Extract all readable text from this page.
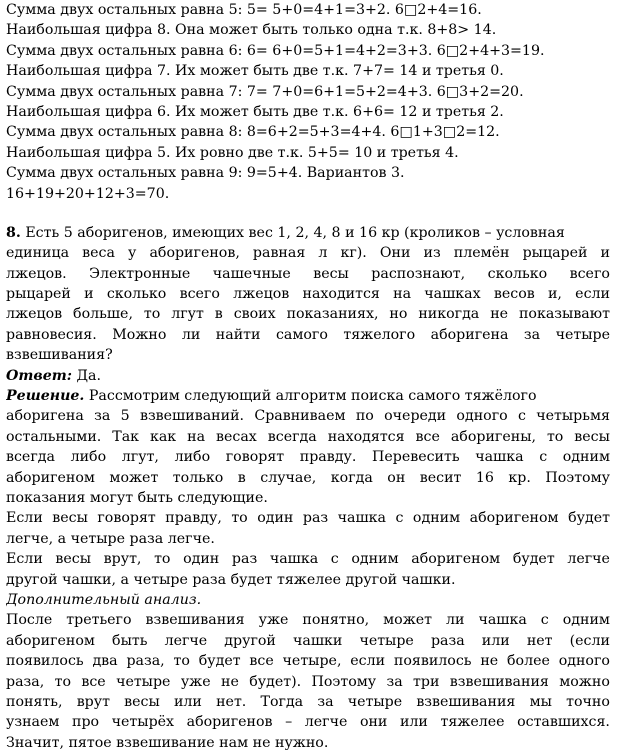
Сумма двух остальных равна 5: 5= 5+0=4+1=3+2. 6□2+4=16.
Наибольшая цифра 8. Она может быть только одна т.к. 8+8> 14.
Сумма двух остальных равна 6: 6= 6+0=5+1=4+2=3+3. 6□2+4+3=19.
Наибольшая цифра 7. Их может быть две т.к. 7+7= 14 и третья 0.
Сумма двух остальных равна 7: 7= 7+0=6+1=5+2=4+3. 6□3+2=20.
Наибольшая цифра 6. Их может быть две т.к. 6+6= 12 и третья 2.
Сумма двух остальных равна 8: 8=6+2=5+3=4+4. 6□1+3□2=12.
Наибольшая цифра 5. Их ровно две т.к. 5+5= 10 и третья 4.
Сумма двух остальных равна 9: 9=5+4. Вариантов 3.
16+19+20+12+3=70.
8. Есть 5 аборигенов, имеющих вес 1, 2, 4, 8 и 16 кр (кроликов – условная
единица веса у аборигенов, равная л кг). Они из племён рыцарей и
лжецов. Электронные чашечные весы распознают, сколько всего
рыцарей и сколько всего лжецов находится на чашках весов и, если
лжецов больше, то лгут в своих показаниях, но никогда не показывают
равновесия. Можно ли найти самого тяжелого аборигена за четыре
взвешивания?
Ответ: Да.
Решение. Рассмотрим следующий алгоритм поиска самого тяжёлого
аборигена за 5 взвешиваний. Сравниваем по очереди одного с четырьмя
остальными. Так как на весах всегда находятся все аборигены, то весы
всегда либо лгут, либо говорят правду. Перевесить чашка с одним
аборигеном может только в случае, когда он весит 16 кр. Поэтому
показания могут быть следующие.
Если весы говорят правду, то один раз чашка с одним аборигеном будет
легче, а четыре раза легче.
Если весы врут, то один раз чашка с одним аборигеном будет легче
другой чашки, а четыре раза будет тяжелее другой чашки.
Дополнительный анализ.
После третьего взвешивания уже понятно, может ли чашка с одним
аборигеном быть легче другой чашки четыре раза или нет (если
появилось два раза, то будет все четыре, если появилось не более одного
раза, то все четыре уже не будет). Поэтому за три взвешивания можно
понять, врут весы или нет. Тогда за четыре взвешивания мы точно
узнаем про четырёх аборигенов – легче они или тяжелее оставшихся.
Значит, пятое взвешивание нам не нужно.
